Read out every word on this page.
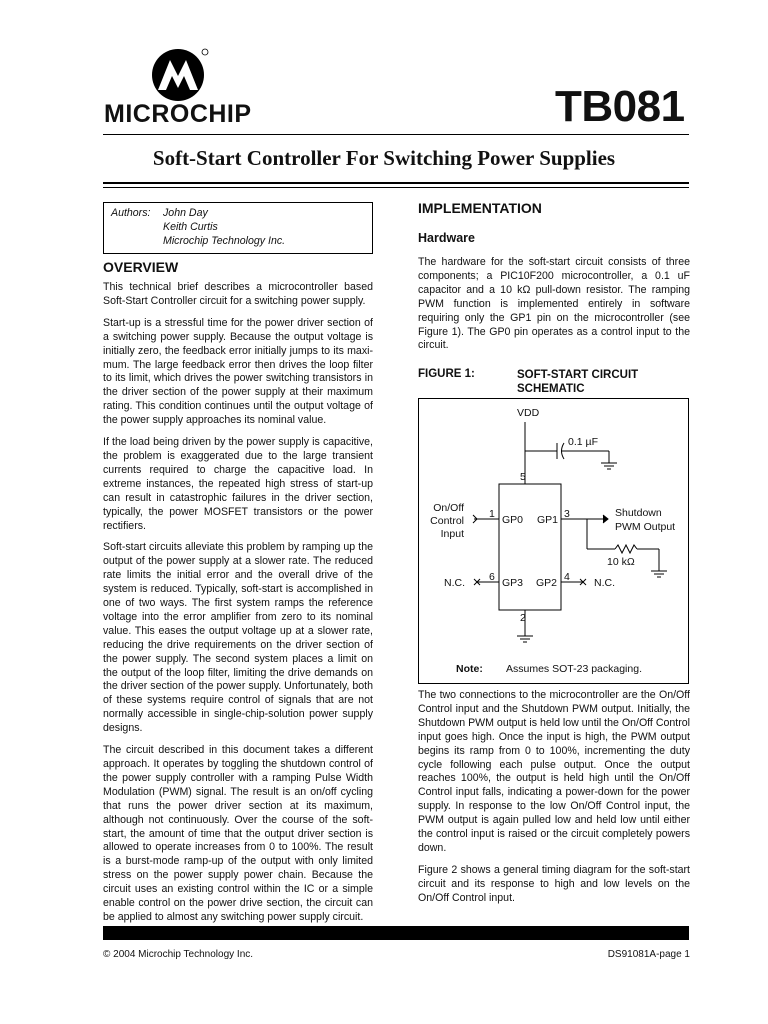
MICROCHIP	TB081
Soft-Start Controller For Switching Power Supplies
Authors: John Day
Keith Curtis
Microchip Technology Inc.
OVERVIEW

This technical brief describes a microcontroller based Soft-Start Controller circuit for a switching power supply.

Start-up is a stressful time for the power driver section of a switching power supply. Because the output voltage is initially zero, the feedback error initially jumps to its maxi-mum. The large feedback error then drives the loop filter to its limit, which drives the power switching transistors in the driver section of the power supply at their maximum rating. This condition continues until the output voltage of the power supply approaches its nominal value.

If the load being driven by the power supply is capacitive, the problem is exaggerated due to the large transient currents required to charge the capacitive load. In extreme instances, the repeated high stress of start-up can result in catastrophic failures in the driver section, typically, the power MOSFET transistors or the power rectifiers.

Soft-start circuits alleviate this problem by ramping up the output of the power supply at a slower rate. The reduced rate limits the initial error and the overall drive of the system is reduced. Typically, soft-start is accomplished in one of two ways. The first system ramps the reference voltage into the error amplifier from zero to its nominal value. This eases the output voltage up at a slower rate, reducing the drive requirements on the driver section of the power supply. The second system places a limit on the output of the loop filter, limiting the drive demands on the driver section of the power supply. Unfortunately, both of these systems require control of signals that are not normally accessible in single-chip-solution power supply designs.

The circuit described in this document takes a different approach. It operates by toggling the shutdown control of the power supply controller with a ramping Pulse Width Modulation (PWM) signal. The result is an on/off cycling that runs the power driver section at its maximum, although not continuously. Over the course of the soft-start, the amount of time that the output driver section is allowed to operate increases from 0 to 100%. The result is a burst-mode ramp-up of the output with only limited stress on the power supply power chain. Because the circuit uses an existing control within the IC or a simple enable control on the power drive section, the circuit can be applied to almost any switching power supply circuit.

IMPLEMENTATION
Hardware

The hardware for the soft-start circuit consists of three components; a PIC10F200 microcontroller, a 0.1 uF capacitor and a 10 kΩ pull-down resistor. The ramping PWM function is implemented entirely in software requiring only the GP1 pin on the microcontroller (see Figure 1). The GP0 pin operates as a control input to the circuit.

FIGURE 1:	SOFT-START CIRCUIT SCHEMATIC
VDD
0.1 µF
10 kΩ
5
1	3
6	4
2
GP0 GP1
GP3 GP2
On/Off
Control
Input
Shutdown
PWM Output
N.C.	N.C.
Note: Assumes SOT-23 packaging.

The two connections to the microcontroller are the On/Off Control input and the Shutdown PWM output. Initially, the Shutdown PWM output is held low until the On/Off Control input goes high. Once the input is high, the PWM output begins its ramp from 0 to 100%, incrementing the duty cycle following each pulse output. Once the output reaches 100%, the output is held high until the On/Off Control input falls, indicating a power-down for the power supply. In response to the low On/Off Control input, the PWM output is again pulled low and held low until either the control input is raised or the circuit completely powers down.

Figure 2 shows a general timing diagram for the soft-start circuit and its response to high and low levels on the On/Off Control input.

© 2004 Microchip Technology Inc.	DS91081A-page 1
